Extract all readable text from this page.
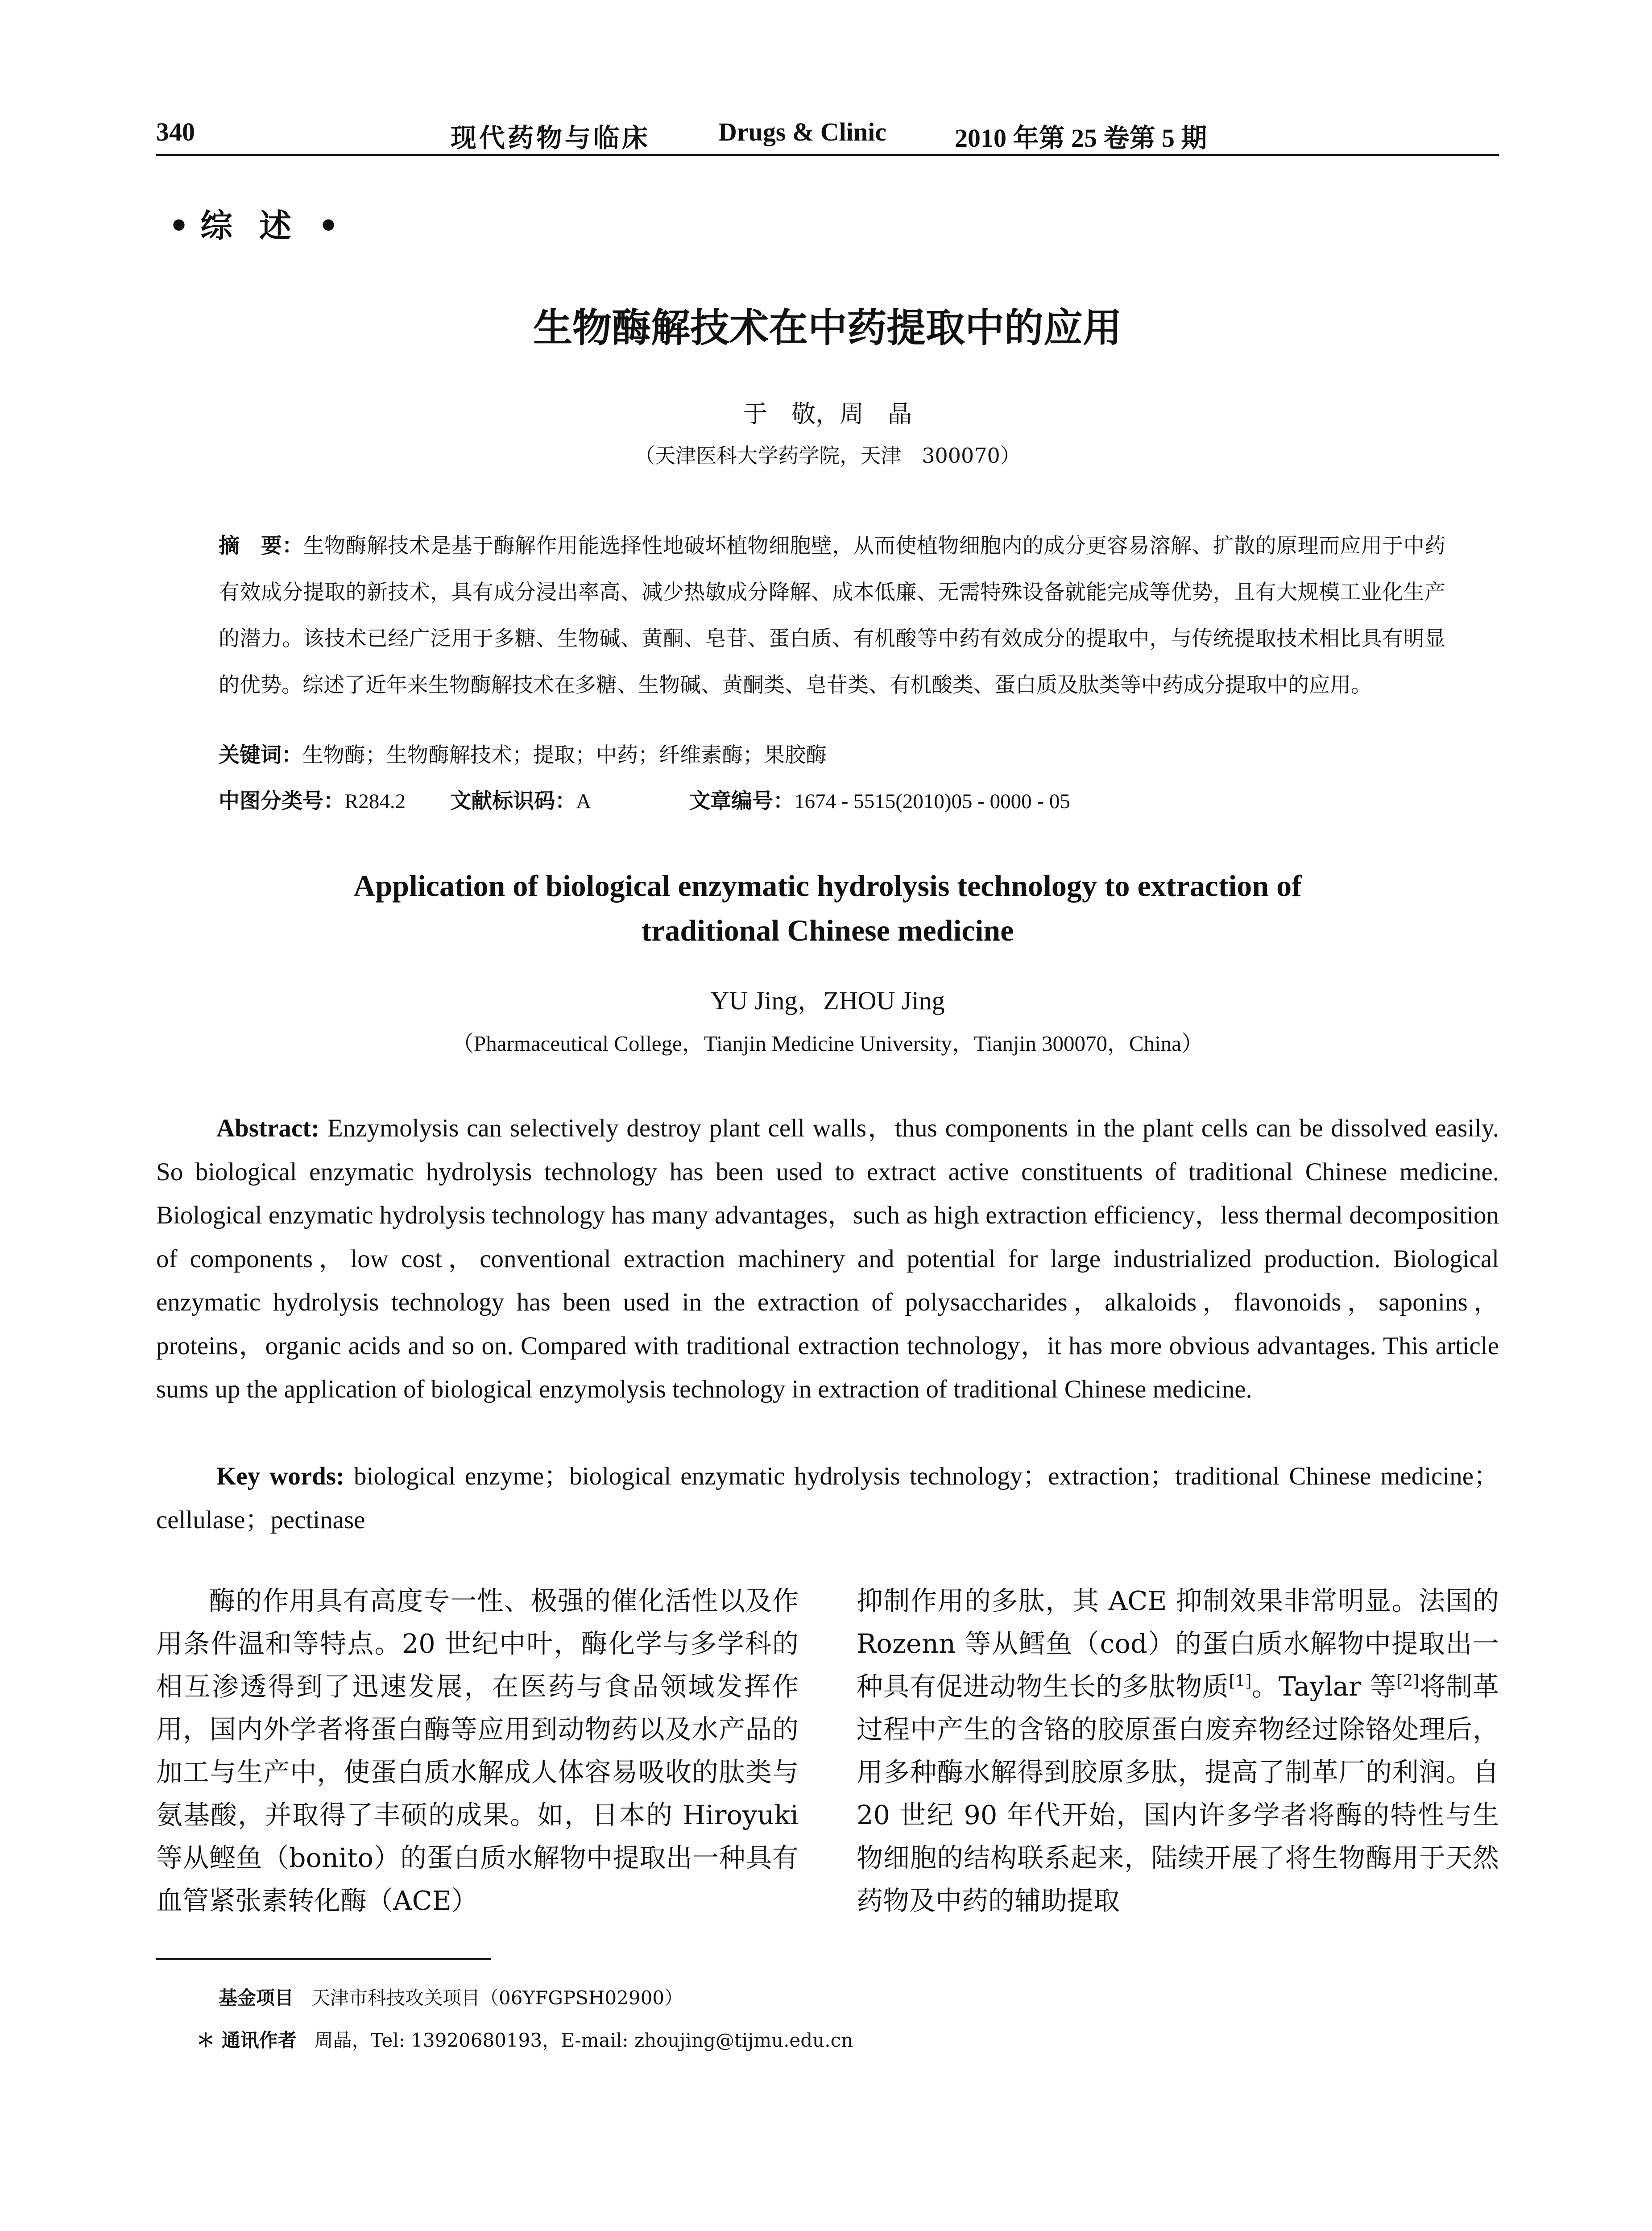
340	现代药物与临床	Drugs & Clinic	2010 年第 25 卷第 5 期
• 综述•
生物酶解技术在中药提取中的应用
于　敬，周　晶
（天津医科大学药学院，天津　300070）
摘　要：生物酶解技术是基于酶解作用能选择性地破坏植物细胞壁，从而使植物细胞内的成分更容易溶解、扩散的原理而应用于中药有效成分提取的新技术，具有成分浸出率高、减少热敏成分降解、成本低廉、无需特殊设备就能完成等优势，且有大规模工业化生产的潜力。该技术已经广泛用于多糖、生物碱、黄酮、皂苷、蛋白质、有机酸等中药有效成分的提取中，与传统提取技术相比具有明显的优势。综述了近年来生物酶解技术在多糖、生物碱、黄酮类、皂苷类、有机酸类、蛋白质及肽类等中药成分提取中的应用。
关键词：生物酶；生物酶解技术；提取；中药；纤维素酶；果胶酶
中图分类号：R284.2 文献标识码：A	文章编号：1674 - 5515(2010)05 - 0000 - 05
Application of biological enzymatic hydrolysis technology to extraction of
traditional Chinese medicine
YU Jing，ZHOU Jing
（Pharmaceutical College，Tianjin Medicine University，Tianjin 300070，China）

Abstract: Enzymolysis can selectively destroy plant cell walls，thus components in the plant cells can be dissolved easily. So biological enzymatic hydrolysis technology has been used to extract active constituents of traditional Chinese medicine. Biological enzymatic hydrolysis technology has many advantages，such as high extraction efficiency，less thermal decomposition of components，low cost，conventional extraction machinery and potential for large industrialized production. Biological enzymatic hydrolysis technology has been used in the extraction of polysaccharides，alkaloids，flavonoids，saponins，proteins，organic acids and so on. Compared with traditional extraction technology，it has more obvious advantages. This article sums up the application of biological enzymolysis technology in extraction of traditional Chinese medicine.

Key words: biological enzyme；biological enzymatic hydrolysis technology；extraction；traditional Chinese medicine；cellulase；pectinase

酶的作用具有高度专一性、极强的催化活性以及作用条件温和等特点。20 世纪中叶，酶化学与多学科的相互渗透得到了迅速发展，在医药与食品领域发挥作用，国内外学者将蛋白酶等应用到动物药以及水产品的加工与生产中，使蛋白质水解成人体容易吸收的肽类与氨基酸，并取得了丰硕的成果。如，日本的 Hiroyuki 等从鲣鱼（bonito）的蛋白质水解物中提取出一种具有血管紧张素转化酶（ACE）

抑制作用的多肽，其 ACE 抑制效果非常明显。法国的 Rozenn 等从鳕鱼（cod）的蛋白质水解物中提取出一种具有促进动物生长的多肽物质[1]。Taylar 等[2]将制革过程中产生的含铬的胶原蛋白废弃物经过除铬处理后，用多种酶水解得到胶原多肽，提高了制革厂的利润。自 20 世纪 90 年代开始，国内许多学者将酶的特性与生物细胞的结构联系起来，陆续开展了将生物酶用于天然药物及中药的辅助提取

基金项目 天津市科技攻关项目（06YFGPSH02900）
＊ 通讯作者 周晶，Tel: 13920680193，E-mail: zhoujing@tijmu.edu.cn
